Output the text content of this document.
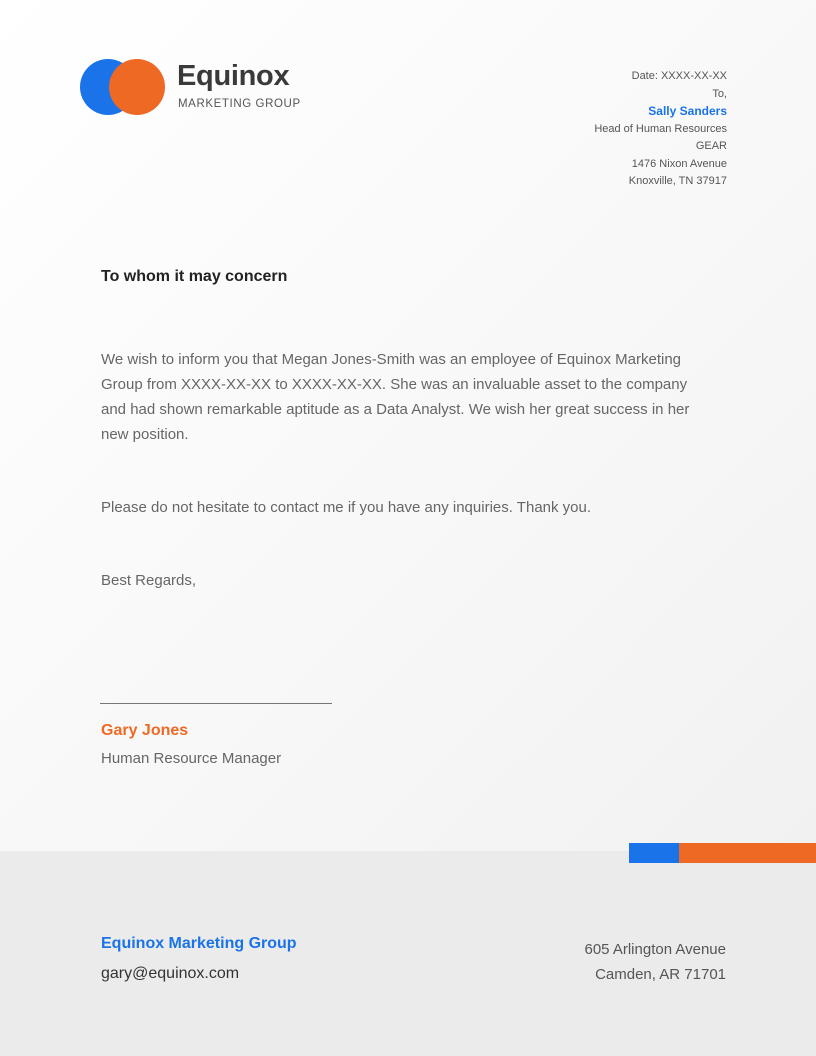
Equinox
MARKETING GROUP
Date: XXXX-XX-XX
To,
Sally Sanders
Head of Human Resources
GEAR
1476 Nixon Avenue
Knoxville, TN 37917
To whom it may concern
We wish to inform you that Megan Jones-Smith was an employee of Equinox Marketing Group from XXXX-XX-XX to XXXX-XX-XX. She was an invaluable asset to the company and had shown remarkable aptitude as a Data Analyst. We wish her great success in her new position.
Please do not hesitate to contact me if you have any inquiries. Thank you.
Best Regards,
Gary Jones
Human Resource Manager
Equinox Marketing Group
gary@equinox.com
605 Arlington Avenue
Camden, AR 71701
